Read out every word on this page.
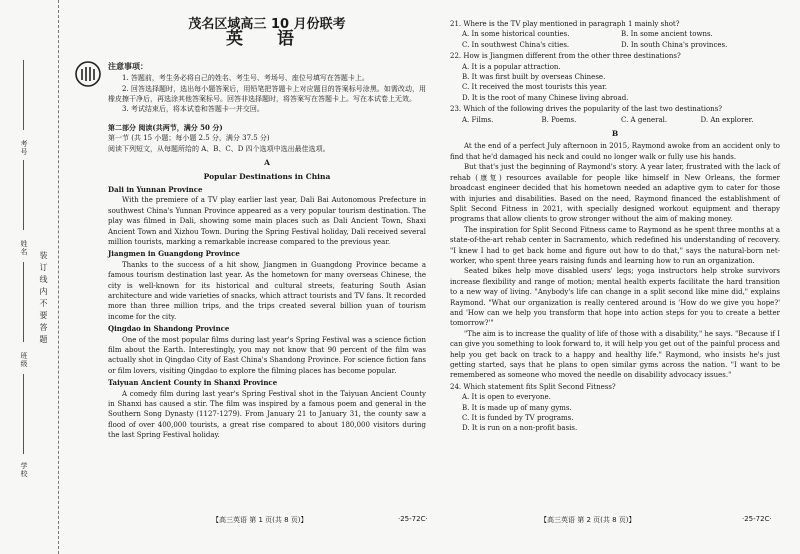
考号
姓名
班级
学校
装 订 线 内 不 要 答 题
茂名区域高三 10 月份联考
英 语
注意事项：

1. 答题前，考生务必将自己的姓名、考生号、考场号、座位号填写在答题卡上。

2. 回答选择题时，选出每小题答案后，用铅笔把答题卡上对应题目的答案标号涂黑。如需改动，用橡皮擦干净后，再选涂其他答案标号。回答非选择题时，将答案写在答题卡上。写在本试卷上无效。

3. 考试结束后，将本试卷和答题卡一并交回。

第二部分 阅读(共两节，满分 50 分)

第一节 (共 15 小题；每小题 2.5 分，满分 37.5 分)

阅读下列短文，从每题所给的 A、B、C、D 四个选项中选出最佳选项。

A
Popular Destinations in China

Dali in Yunnan Province

With the premiere of a TV play earlier last year, Dali Bai Autonomous Prefecture in southwest China's Yunnan Province appeared as a very popular tourism destination. The play was filmed in Dali, showing some main places such as Dali Ancient Town, Shaxi Ancient Town and Xizhou Town. During the Spring Festival holiday, Dali received several million tourists, marking a remarkable increase compared to the previous year.

Jiangmen in Guangdong Province

Thanks to the success of a hit show, Jiangmen in Guangdong Province became a famous tourism destination last year. As the hometown for many overseas Chinese, the city is well-known for its historical and cultural streets, featuring South Asian architecture and wide varieties of snacks, which attract tourists and TV fans. It recorded more than three million trips, and the trips created several billion yuan of tourism income for the city.

Qingdao in Shandong Province

One of the most popular films during last year's Spring Festival was a science fiction film about the Earth. Interestingly, you may not know that 90 percent of the film was actually shot in Qingdao City of East China's Shandong Province. For science fiction fans or film lovers, visiting Qingdao to explore the filming places has become popular.

Taiyuan Ancient County in Shanxi Province

A comedy film during last year's Spring Festival shot in the Taiyuan Ancient County in Shanxi has caused a stir. The film was inspired by a famous poem and general in the Southern Song Dynasty (1127-1279). From January 21 to January 31, the county saw a flood of over 400,000 tourists, a great rise compared to about 180,000 visitors during the last Spring Festival holiday.

21. Where is the TV play mentioned in paragraph 1 mainly shot?

A. In some historical counties.	B. In some ancient towns.
C. In southwest China's cities.	D. In south China's provinces.

22. How is Jiangmen different from the other three destinations?

A. It is a popular attraction.

B. It was first built by overseas Chinese.

C. It received the most tourists this year.

D. It is the root of many Chinese living abroad.

23. Which of the following drives the popularity of the last two destinations?

A. Films.	B. Poems.	C. A general.	D. An explorer.
B

At the end of a perfect July afternoon in 2015, Raymond awoke from an accident only to find that he'd damaged his neck and could no longer walk or fully use his hands.

But that's just the beginning of Raymond's story. A year later, frustrated with the lack of rehab (康复) resources available for people like himself in New Orleans, the former broadcast engineer decided that his hometown needed an adaptive gym to cater for those with injuries and disabilities. Based on the need, Raymond financed the establishment of Split Second Fitness in 2021, with specially designed workout equipment and therapy programs that allow clients to grow stronger without the aim of making money.

The inspiration for Split Second Fitness came to Raymond as he spent three months at a state-of-the-art rehab center in Sacramento, which redefined his understanding of recovery. "I knew I had to get back home and figure out how to do that," says the natural-born net-worker, who spent three years raising funds and learning how to run an organization.

Seated bikes help move disabled users' legs; yoga instructors help stroke survivors increase flexibility and range of motion; mental health experts facilitate the hard transition to a new way of living. "Anybody's life can change in a split second like mine did," explains Raymond. "What our organization is really centered around is 'How do we give you hope?' and 'How can we help you transform that hope into action steps for you to create a better tomorrow?'"

"The aim is to increase the quality of life of those with a disability," he says. "Because if I can give you something to look forward to, it will help you get out of the painful process and help you get back on track to a happy and healthy life." Raymond, who insists he's just getting started, says that he plans to open similar gyms across the nation. "I want to be remembered as someone who moved the needle on disability advocacy issues."

24. Which statement fits Split Second Fitness?

A. It is open to everyone.

B. It is made up of many gyms.

C. It is funded by TV programs.

D. It is run on a non-profit basis.

【高三英语 第 1 页(共 8 页)】	·25-72C·	【高三英语 第 2 页(共 8 页)】	·25-72C·
